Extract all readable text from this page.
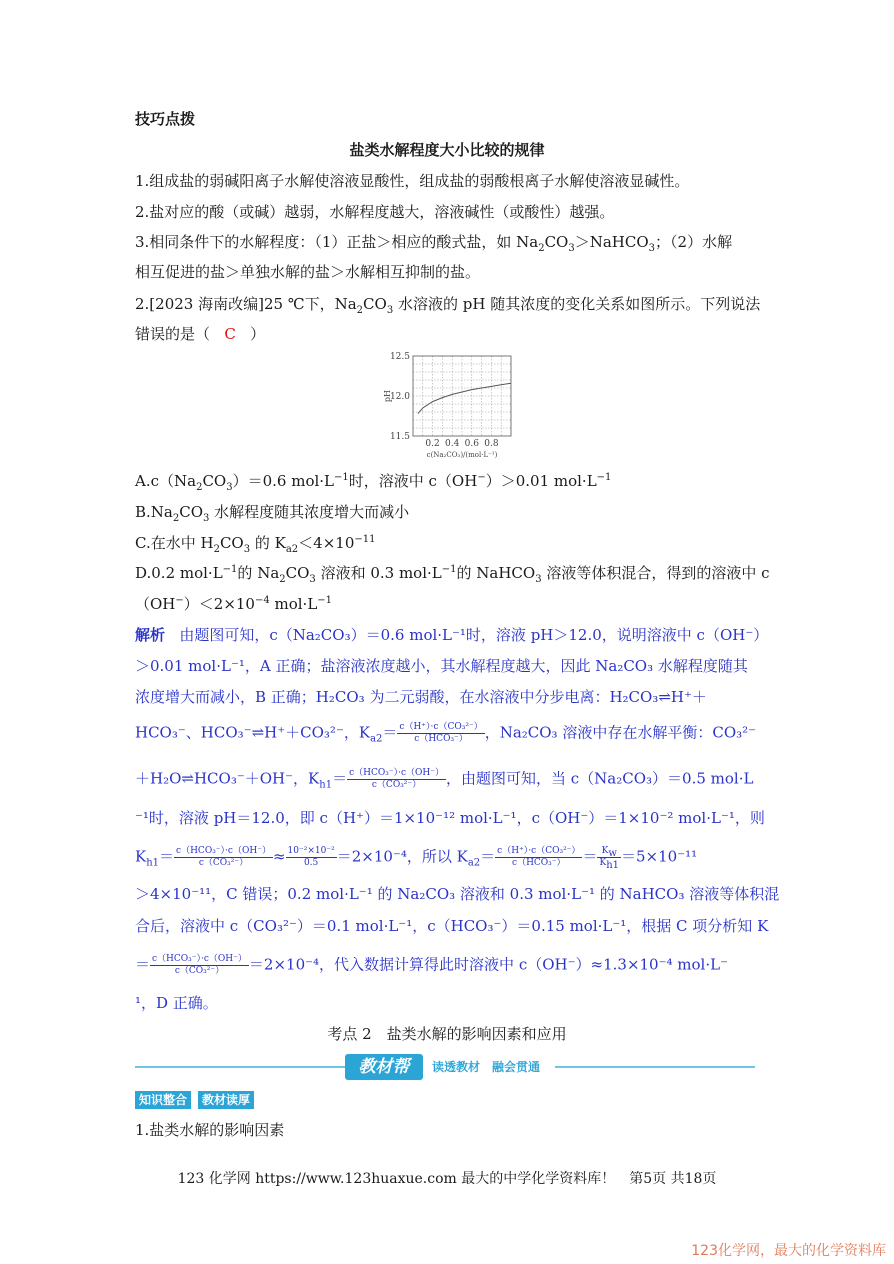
技巧点拨
盐类水解程度大小比较的规律
1.组成盐的弱碱阳离子水解使溶液显酸性，组成盐的弱酸根离子水解使溶液显碱性。
2.盐对应的酸（或碱）越弱，水解程度越大，溶液碱性（或酸性）越强。
3.相同条件下的水解程度：（1）正盐＞相应的酸式盐，如 $Na_2CO_3>NaHCO_3$；（2）水解
相互促进的盐＞单独水解的盐＞水解相互抑制的盐。
2.[2023 海南改编]25 ℃下，$Na_2CO_3$ 水溶液的 pH 随其浓度的变化关系如图所示。下列说法
错误的是（ C ）
12.5
12.0
11.5
0.2 0.4 0.6 0.8
pH
c(Na₂CO₃)/(mol·L⁻¹)
$A.c(Na_2CO_3)=0.6$ $mol\cdot L^{-1}$时，溶液中 c（OH−）＞0.01 $mol\cdot L^{-1}$
$B.Na_2CO_3$ 水解程度随其浓度增大而减小
C.在水中 $H_2CO_3$ 的 $K_{a2}<4\times 10^{-11}$
D.0.2 $mol\cdot L^{-1}$的 $Na_2CO_3$ 溶液和 0.3 $mol\cdot L^{-1}$的 NaHCO$_3$ 溶液等体积混合，得到的溶液中 c
$(OH^-)<2\times 10^{-4}$ $mol\cdot L^{-1}$
解析 由题图可知，c（Na₂CO₃）＝0.6 mol·L⁻¹时，溶液 pH＞12.0，说明溶液中 c（OH⁻）
＞0.01 mol·L⁻¹，A 正确；盐溶液浓度越小，其水解程度越大，因此 Na₂CO₃ 水解程度随其
浓度增大而减小，B 正确；H₂CO₃ 为二元弱酸，在水溶液中分步电离：H₂CO₃⇌H⁺＋
HCO₃⁻、HCO₃⁻⇌H⁺＋CO₃²⁻，$K_{a2}= \frac{\text{c（H⁺）·c（CO₃²⁻）}}{\text{c（HCO₃⁻）}}$ ，Na₂CO₃ 溶液中存在水解平衡：CO₃²⁻
＋H₂O⇌HCO₃⁻＋OH⁻，$K_{h1}= \frac{\text{c（HCO₃⁻）·c（OH⁻）}}{\text{c（CO₃²⁻）}}$ ，由题图可知，当 c（Na₂CO₃）＝0.5 mol·L
⁻¹时，溶液 pH＝12.0，即 c（H⁺）＝1×10⁻¹² mol·L⁻¹，c（OH⁻）＝1×10⁻² mol·L⁻¹，则
$K_{h1}= \frac{\text{c（HCO₃⁻）·c（OH⁻）}}{\text{c（CO₃²⁻）}} \approx \frac{\text{10⁻²×10⁻²}}{0.5} =2\times 10^{-4}$，所以 $K_{a2}= \frac{\text{c（H⁺）·c（CO₃²⁻）}}{\text{c（HCO₃⁻）}} = \frac{K_w}{K_{h1}} =5\times 10^{-11}$
＞4×10⁻¹¹，C 错误；0.2 mol·L⁻¹ 的 Na₂CO₃ 溶液和 0.3 mol·L⁻¹ 的 NaHCO₃ 溶液等体积混
合后，溶液中 c（CO₃²⁻）＝0.1 mol·L⁻¹，c（HCO₃⁻）＝0.15 mol·L⁻¹，根据 C 项分析知 K
＝ $\frac{\text{c（HCO₃⁻）·c（OH⁻）}}{\text{c（CO₃²⁻）}} =2\times 10^{-4}$，代入数据计算得此时溶液中 c（OH⁻）≈1.3×10⁻⁴ mol·L⁻
¹，D 正确。
考点 2　盐类水解的影响因素和应用
教材帮	读透教材　融会贯通
知识整合	教材读厚
1.盐类水解的影响因素
123 化学网 https://www.123huaxue.com 最大的中学化学资料库！　第5页 共18页
123化学网，最大的化学资料库
